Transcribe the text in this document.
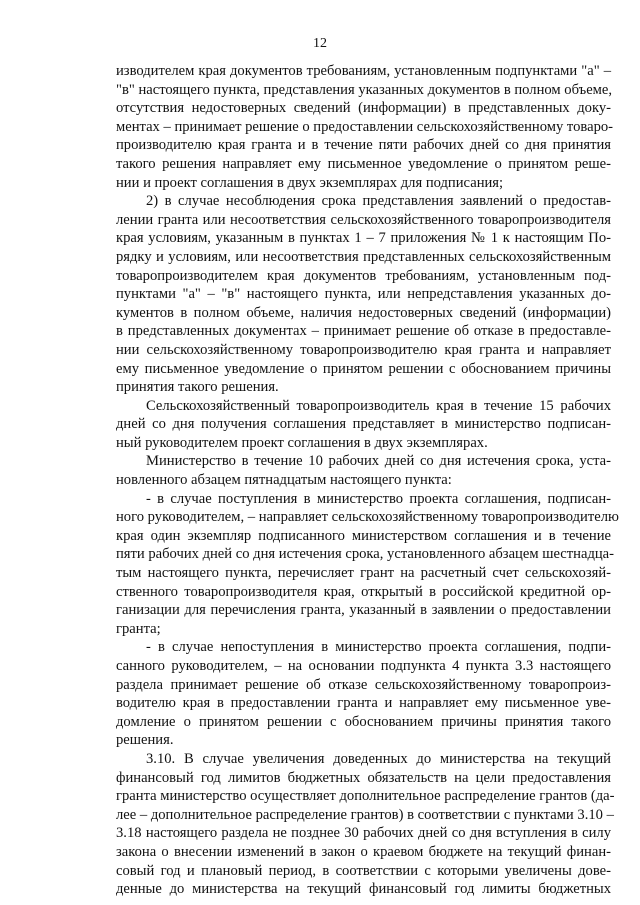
12
изводителем края документов требованиям, установленным подпунктами "а" –
"в" настоящего пункта, представления указанных документов в полном объеме,
отсутствия недостоверных сведений (информации) в представленных доку-
ментах – принимает решение о предоставлении сельскохозяйственному товаро-
производителю края гранта и в течение пяти рабочих дней со дня принятия
такого решения направляет ему письменное уведомление о принятом реше-
нии и проект соглашения в двух экземплярах для подписания;
2) в случае несоблюдения срока представления заявлений о предостав-
лении гранта или несоответствия сельскохозяйственного товаропроизводителя
края условиям, указанным в пунктах 1 – 7 приложения № 1 к настоящим По-
рядку и условиям, или несоответствия представленных сельскохозяйственным
товаропроизводителем края документов требованиям, установленным под-
пунктами "а" – "в" настоящего пункта, или непредставления указанных до-
кументов в полном объеме, наличия недостоверных сведений (информации)
в представленных документах – принимает решение об отказе в предоставле-
нии сельскохозяйственному товаропроизводителю края гранта и направляет
ему письменное уведомление о принятом решении с обоснованием причины
принятия такого решения.
Сельскохозяйственный товаропроизводитель края в течение 15 рабочих
дней со дня получения соглашения представляет в министерство подписан-
ный руководителем проект соглашения в двух экземплярах.
Министерство в течение 10 рабочих дней со дня истечения срока, уста-
новленного абзацем пятнадцатым настоящего пункта:
- в случае поступления в министерство проекта соглашения, подписан-
ного руководителем, – направляет сельскохозяйственному товаропроизводителю
края один экземпляр подписанного министерством соглашения и в течение
пяти рабочих дней со дня истечения срока, установленного абзацем шестнадца-
тым настоящего пункта, перечисляет грант на расчетный счет сельскохозяй-
ственного товаропроизводителя края, открытый в российской кредитной ор-
ганизации для перечисления гранта, указанный в заявлении о предоставлении
гранта;
- в случае непоступления в министерство проекта соглашения, подпи-
санного руководителем, – на основании подпункта 4 пункта 3.3 настоящего
раздела принимает решение об отказе сельскохозяйственному товаропроиз-
водителю края в предоставлении гранта и направляет ему письменное уве-
домление о принятом решении с обоснованием причины принятия такого
решения.
3.10. В случае увеличения доведенных до министерства на текущий
финансовый год лимитов бюджетных обязательств на цели предоставления
гранта министерство осуществляет дополнительное распределение грантов (да-
лее – дополнительное распределение грантов) в соответствии с пунктами 3.10 –
3.18 настоящего раздела не позднее 30 рабочих дней со дня вступления в силу
закона о внесении изменений в закон о краевом бюджете на текущий финан-
совый год и плановый период, в соответствии с которыми увеличены дове-
денные до министерства на текущий финансовый год лимиты бюджетных
